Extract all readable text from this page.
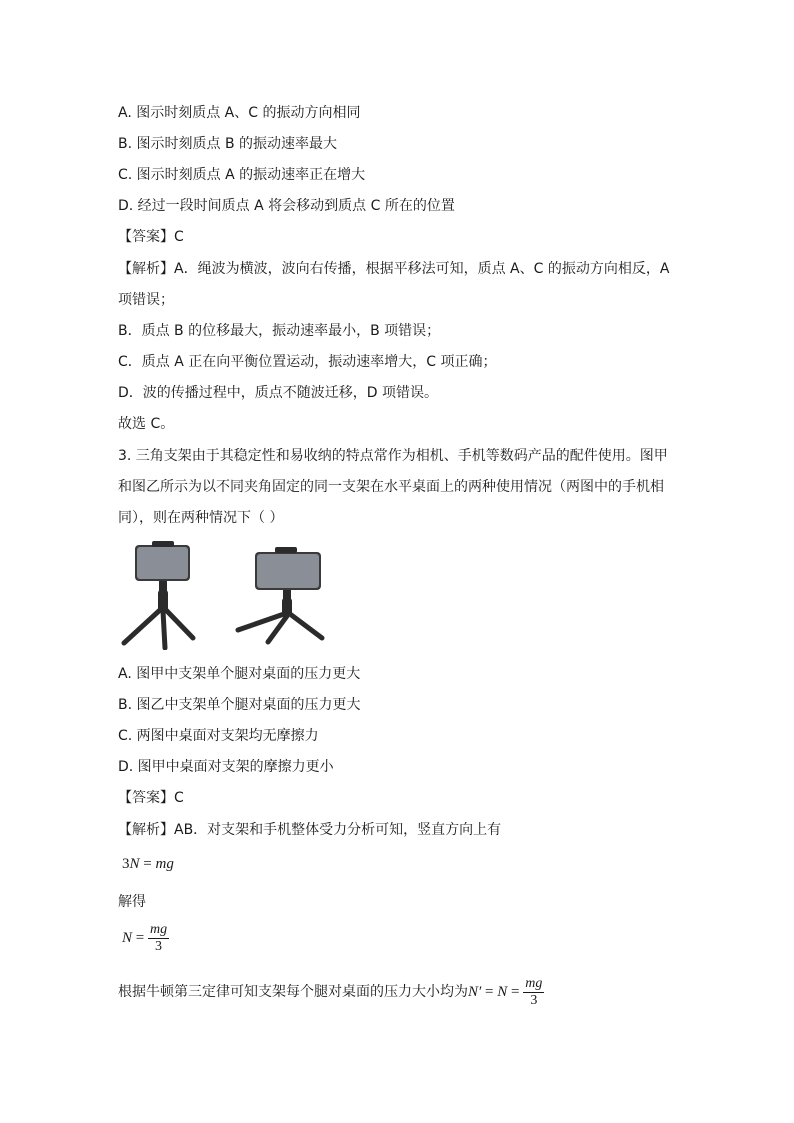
A. 图示时刻质点 A、C 的振动方向相同
B. 图示时刻质点 B 的振动速率最大
C. 图示时刻质点 A 的振动速率正在增大
D. 经过一段时间质点 A 将会移动到质点 C 所在的位置
【答案】C
【解析】A．绳波为横波，波向右传播，根据平移法可知，质点 A、C 的振动方向相反，A
项错误；
B．质点 B 的位移最大，振动速率最小，B 项错误；
C．质点 A 正在向平衡位置运动，振动速率增大，C 项正确；
D．波的传播过程中，质点不随波迁移，D 项错误。
故选 C。
3. 三角支架由于其稳定性和易收纳的特点常作为相机、手机等数码产品的配件使用。图甲
和图乙所示为以不同夹角固定的同一支架在水平桌面上的两种使用情况（两图中的手机相
同），则在两种情况下（ ）
A. 图甲中支架单个腿对桌面的压力更大
B. 图乙中支架单个腿对桌面的压力更大
C. 两图中桌面对支架均无摩擦力
D. 图甲中桌面对支架的摩擦力更小
【答案】C
【解析】AB．对支架和手机整体受力分析可知，竖直方向上有
3N = mg
解得
$N = \frac{mg}{3}$
根据牛顿第三定律可知支架每个腿对桌面的压力大小均为$N' = N = \frac{mg}{3}$
